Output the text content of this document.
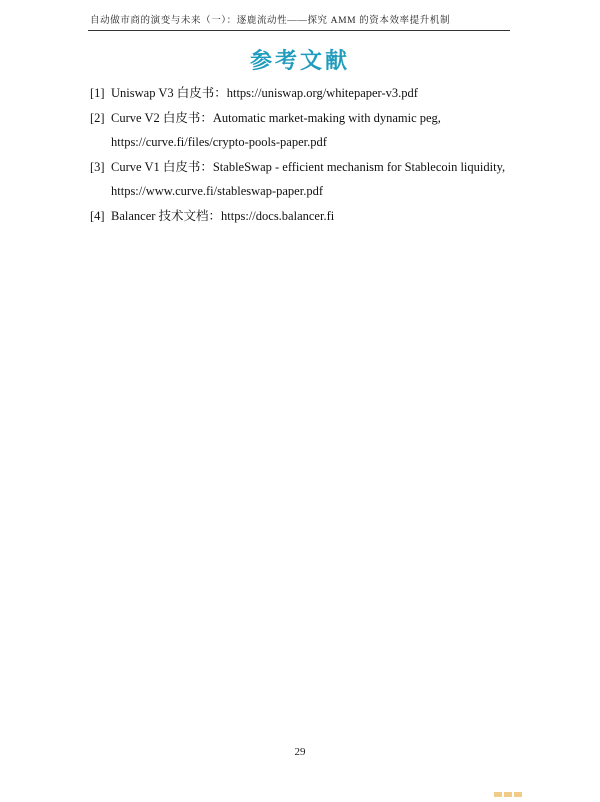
自动做市商的演变与未来（一）：逐鹿流动性——探究 AMM 的资本效率提升机制
参考文献
[1] Uniswap V3 白皮书：https://uniswap.org/whitepaper-v3.pdf
[2] Curve V2 白皮书：Automatic market-making with dynamic peg,
https://curve.fi/files/crypto-pools-paper.pdf
[3] Curve V1 白皮书：StableSwap - efficient mechanism for Stablecoin liquidity,
https://www.curve.fi/stableswap-paper.pdf
[4] Balancer 技术文档：https://docs.balancer.fi
29
